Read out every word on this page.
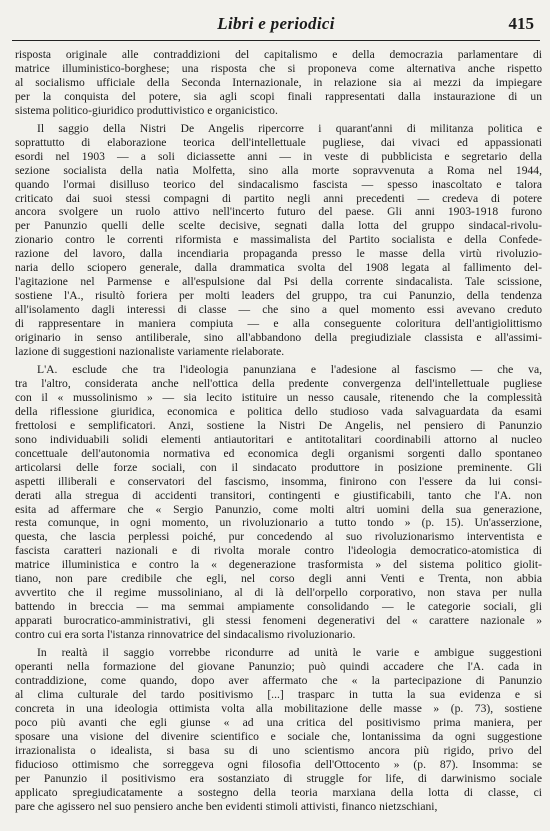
Libri e periodici	415
risposta originale alle contraddizioni del capitalismo e della democrazia parlamentare di
matrice illuministico-borghese; una risposta che si proponeva come alternativa anche rispetto
al socialismo ufficiale della Seconda Internazionale, in relazione sia ai mezzi da impiegare
per la conquista del potere, sia agli scopi finali rappresentati dalla instaurazione di un
sistema politico-giuridico produttivistico e organicistico.
Il saggio della Nistri De Angelis ripercorre i quarant'anni di militanza politica e
soprattutto di elaborazione teorica dell'intellettuale pugliese, dai vivaci ed appassionati
esordi nel 1903 — a soli diciassette anni — in veste di pubblicista e segretario della
sezione socialista della natìa Molfetta, sino alla morte sopravvenuta a Roma nel 1944,
quando l'ormai disilluso teorico del sindacalismo fascista — spesso inascoltato e talora
criticato dai suoi stessi compagni di partito negli anni precedenti — credeva di potere
ancora svolgere un ruolo attivo nell'incerto futuro del paese. Gli anni 1903-1918 furono
per Panunzio quelli delle scelte decisive, segnati dalla lotta del gruppo sindacal-rivolu-
zionario contro le correnti riformista e massimalista del Partito socialista e della Confede-
razione del lavoro, dalla incendiaria propaganda presso le masse della virtù rivoluzio-
naria dello sciopero generale, dalla drammatica svolta del 1908 legata al fallimento del-
l'agitazione nel Parmense e all'espulsione dal Psi della corrente sindacalista. Tale scissione,
sostiene l'A., risultò foriera per molti leaders del gruppo, tra cui Panunzio, della tendenza
all'isolamento dagli interessi di classe — che sino a quel momento essi avevano creduto
di rappresentare in maniera compiuta — e alla conseguente coloritura dell'antigiolittismo
originario in senso antiliberale, sino all'abbandono della pregiudiziale classista e all'assimi-
lazione di suggestioni nazionaliste variamente rielaborate.
L'A. esclude che tra l'ideologia panunziana e l'adesione al fascismo — che va,
tra l'altro, considerata anche nell'ottica della predente convergenza dell'intellettuale pugliese
con il « mussolinismo » — sia lecito istituire un nesso causale, ritenendo che la complessità
della riflessione giuridica, economica e politica dello studioso vada salvaguardata da esami
frettolosi e semplificatori. Anzi, sostiene la Nistri De Angelis, nel pensiero di Panunzio
sono individuabili solidi elementi antiautoritari e antitotalitari coordinabili attorno al nucleo
concettuale dell'autonomia normativa ed economica degli organismi sorgenti dallo spontaneo
articolarsi delle forze sociali, con il sindacato produttore in posizione preminente. Gli
aspetti illiberali e conservatori del fascismo, insomma, finirono con l'essere da lui consi-
derati alla stregua di accidenti transitori, contingenti e giustificabili, tanto che l'A. non
esita ad affermare che « Sergio Panunzio, come molti altri uomini della sua generazione,
resta comunque, in ogni momento, un rivoluzionario a tutto tondo » (p. 15). Un'asserzione,
questa, che lascia perplessi poiché, pur concedendo al suo rivoluzionarismo interventista e
fascista caratteri nazionali e di rivolta morale contro l'ideologia democratico-atomistica di
matrice illuministica e contro la « degenerazione trasformista » del sistema politico giolit-
tiano, non pare credibile che egli, nel corso degli anni Venti e Trenta, non abbia
avvertito che il regime mussoliniano, al di là dell'orpello corporativo, non stava per nulla
battendo in breccia — ma semmai ampiamente consolidando — le categorie sociali, gli
apparati burocratico-amministrativi, gli stessi fenomeni degenerativi del « carattere nazionale »
contro cui era sorta l'istanza rinnovatrice del sindacalismo rivoluzionario.
In realtà il saggio vorrebbe ricondurre ad unità le varie e ambigue suggestioni
operanti nella formazione del giovane Panunzio; può quindi accadere che l'A. cada in
contraddizione, come quando, dopo aver affermato che « la partecipazione di Panunzio
al clima culturale del tardo positivismo [...] trasparc in tutta la sua evidenza e si
concreta in una ideologia ottimista volta alla mobilitazione delle masse » (p. 73), sostiene
poco più avanti che egli giunse « ad una critica del positivismo prima maniera, per
sposare una visione del divenire scientifico e sociale che, lontanissima da ogni suggestione
irrazionalista o idealista, si basa su di uno scientismo ancora più rigido, privo del
fiducioso ottimismo che sorreggeva ogni filosofia dell'Ottocento » (p. 87). Insomma: se
per Panunzio il positivismo era sostanziato di struggle for life, di darwinismo sociale
applicato spregiudicatamente a sostegno della teoria marxiana della lotta di classe, ci
pare che agissero nel suo pensiero anche ben evidenti stimoli attivisti, financo nietzschiani,
